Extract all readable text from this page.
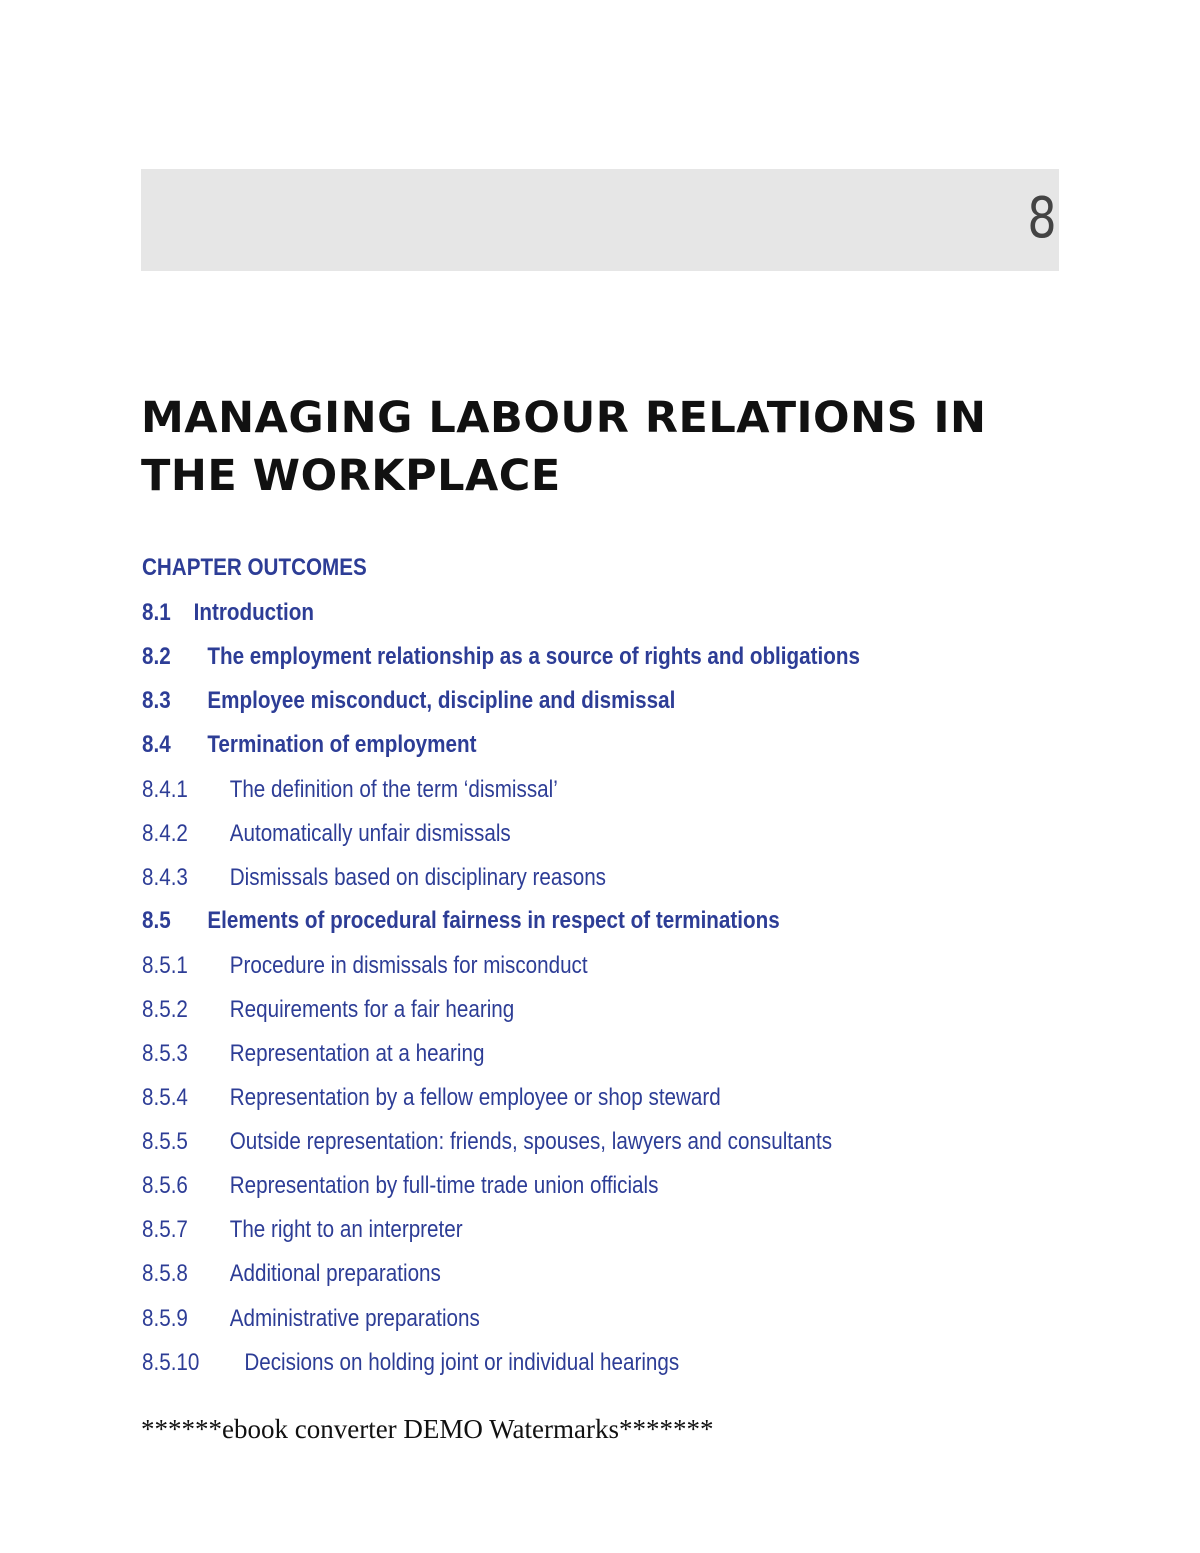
8
MANAGING LABOUR RELATIONS IN THE WORKPLACE
CHAPTER OUTCOMES
8.1 Introduction
8.2 The employment relationship as a source of rights and obligations
8.3 Employee misconduct, discipline and dismissal
8.4 Termination of employment
8.4.1 The definition of the term ‘dismissal’
8.4.2 Automatically unfair dismissals
8.4.3 Dismissals based on disciplinary reasons
8.5 Elements of procedural fairness in respect of terminations
8.5.1 Procedure in dismissals for misconduct
8.5.2 Requirements for a fair hearing
8.5.3 Representation at a hearing
8.5.4 Representation by a fellow employee or shop steward
8.5.5 Outside representation: friends, spouses, lawyers and consultants
8.5.6 Representation by full-time trade union officials
8.5.7 The right to an interpreter
8.5.8 Additional preparations
8.5.9 Administrative preparations
8.5.10 Decisions on holding joint or individual hearings
******ebook converter DEMO Watermarks*******
